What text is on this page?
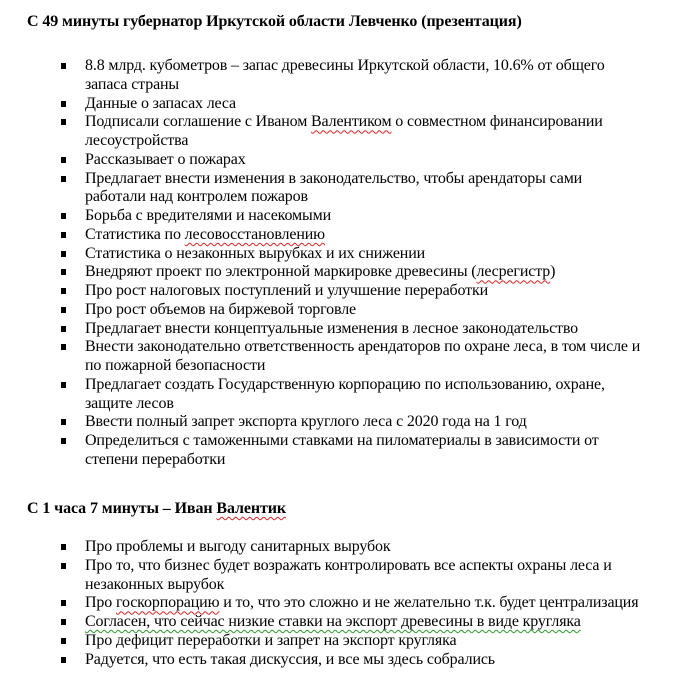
С 49 минуты губернатор Иркутской области Левченко (презентация)
8.8 млрд. кубометров – запас древесины Иркутской области, 10.6% от общего
запаса страны
Данные о запасах леса
Подписали соглашение с Иваном Валентиком о совместном финансировании
лесоустройства
Рассказывает о пожарах
Предлагает внести изменения в законодательство, чтобы арендаторы сами
работали над контролем пожаров
Борьба с вредителями и насекомыми
Статистика по лесовосстановлению
Статистика о незаконных вырубках и их снижении
Внедряют проект по электронной маркировке древесины (лесрегистр)
Про рост налоговых поступлений и улучшение переработки
Про рост объемов на биржевой торговле
Предлагает внести концептуальные изменения в лесное законодательство
Внести законодательно ответственность арендаторов по охране леса, в том числе и
по пожарной безопасности
Предлагает создать Государственную корпорацию по использованию, охране,
защите лесов
Ввести полный запрет экспорта круглого леса с 2020 года на 1 год
Определиться с таможенными ставками на пиломатериалы в зависимости от
степени переработки
С 1 часа 7 минуты – Иван Валентик
Про проблемы и выгоду санитарных вырубок
Про то, что бизнес будет возражать контролировать все аспекты охраны леса и
незаконных вырубок
Про госкорпорацию и то, что это сложно и не желательно т.к. будет централизация
Согласен, что сейчас низкие ставки на экспорт древесины в виде кругляка
Про дефицит переработки и запрет на экспорт кругляка
Радуется, что есть такая дискуссия, и все мы здесь собрались
